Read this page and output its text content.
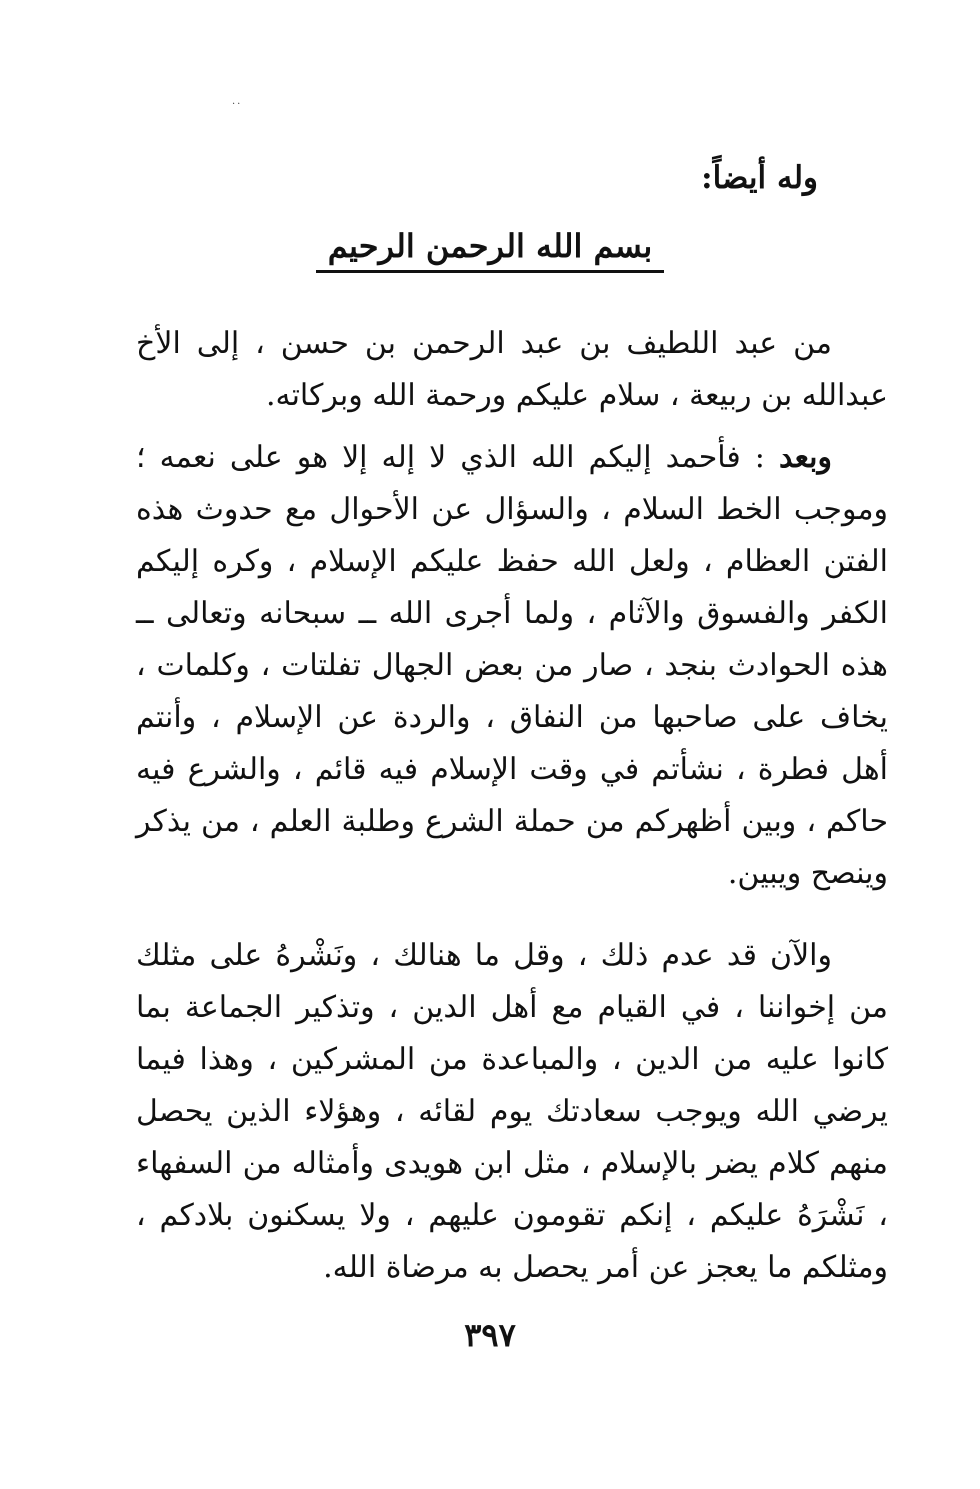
..
وله أيضاً:
بسم الله الرحمن الرحيم

من عبد اللطيف بن عبد الرحمن بن حسن ، إلى الأخ عبدالله بن ربيعة ، سلام عليكم ورحمة الله وبركاته.

وبعد : فأحمد إليكم الله الذي لا إله إلا هو على نعمه ؛ وموجب الخط السلام ، والسؤال عن الأحوال مع حدوث هذه الفتن العظام ، ولعل الله حفظ عليكم الإسلام ، وكره إليكم الكفر والفسوق والآثام ، ولما أجرى الله ــ سبحانه وتعالى ــ هذه الحوادث بنجد ، صار من بعض الجهال تفلتات ، وكلمات ، يخاف على صاحبها من النفاق ، والردة عن الإسلام ، وأنتم أهل فطرة ، نشأتم في وقت الإسلام فيه قائم ، والشرع فيه حاكم ، وبين أظهركم من حملة الشرع وطلبة العلم ، من يذكر وينصح ويبين.

والآن قد عدم ذلك ، وقل ما هنالك ، ونَشْرهُ على مثلك من إخواننا ، في القيام مع أهل الدين ، وتذكير الجماعة بما كانوا عليه من الدين ، والمباعدة من المشركين ، وهذا فيما يرضي الله ويوجب سعادتك يوم لقائه ، وهؤلاء الذين يحصل منهم كلام يضر بالإسلام ، مثل ابن هويدى وأمثاله من السفهاء ، نَشْرَهُ عليكم ، إنكم تقومون عليهم ، ولا يسكنون بلادكم ، ومثلكم ما يعجز عن أمر يحصل به مرضاة الله.

٣٩٧
